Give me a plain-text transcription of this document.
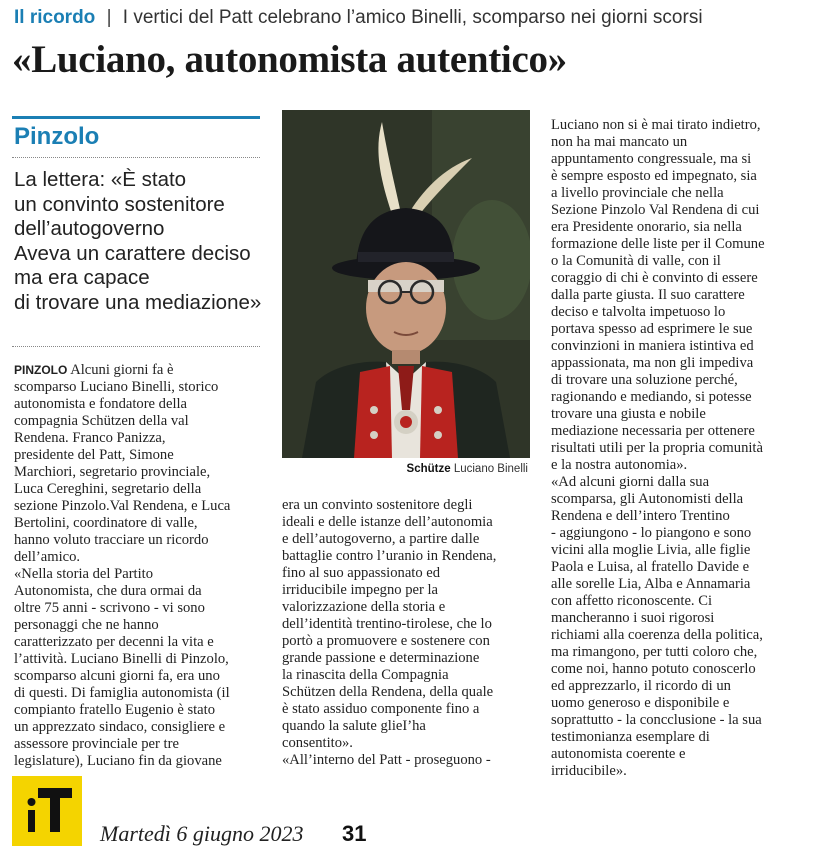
Il ricordo | I vertici del Patt celebrano l’amico Binelli, scomparso nei giorni scorsi
«Luciano, autonomista autentico»
Pinzolo
La lettera: «È stato
un convinto sostenitore
dell’autogoverno
Aveva un carattere deciso
ma era capace
di trovare una mediazione»
PINZOLO Alcuni giorni fa è
scomparso Luciano Binelli, storico
autonomista e fondatore della
compagnia Schützen della val
Rendena. Franco Panizza,
presidente del Patt, Simone
Marchiori, segretario provinciale,
Luca Cereghini, segretario della
sezione Pinzolo.Val Rendena, e Luca
Bertolini, coordinatore di valle,
hanno voluto tracciare un ricordo
dell’amico.
«Nella storia del Partito
Autonomista, che dura ormai da
oltre 75 anni - scrivono - vi sono
personaggi che ne hanno
caratterizzato per decenni la vita e
l’attività. Luciano Binelli di Pinzolo,
scomparso alcuni giorni fa, era uno
di questi. Di famiglia autonomista (il
compianto fratello Eugenio è stato
un apprezzato sindaco, consigliere e
assessore provinciale per tre
legislature), Luciano fin da giovane
Schütze Luciano Binelli
era un convinto sostenitore degli
ideali e delle istanze dell’autonomia
e dell’autogoverno, a partire dalle
battaglie contro l’uranio in Rendena,
fino al suo appassionato ed
irriducibile impegno per la
valorizzazione della storia e
dell’identità trentino-tirolese, che lo
portò a promuovere e sostenere con
grande passione e determinazione
la rinascita della Compagnia
Schützen della Rendena, della quale
è stato assiduo componente fino a
quando la salute glieI’ha
consentito».
«All’interno del Patt - proseguono -
Luciano non si è mai tirato indietro,
non ha mai mancato un
appuntamento congressuale, ma si
è sempre esposto ed impegnato, sia
a livello provinciale che nella
Sezione Pinzolo Val Rendena di cui
era Presidente onorario, sia nella
formazione delle liste per il Comune
o la Comunità di valle, con il
coraggio di chi è convinto di essere
dalla parte giusta. Il suo carattere
deciso e talvolta impetuoso lo
portava spesso ad esprimere le sue
convinzioni in maniera istintiva ed
appassionata, ma non gli impediva
di trovare una soluzione perché,
ragionando e mediando, si potesse
trovare una giusta e nobile
mediazione necessaria per ottenere
risultati utili per la propria comunità
e la nostra autonomia».
«Ad alcuni giorni dalla sua
scomparsa, gli Autonomisti della
Rendena e dell’intero Trentino
- aggiungono - lo piangono e sono
vicini alla moglie Livia, alle figlie
Paola e Luisa, al fratello Davide e
alle sorelle Lia, Alba e Annamaria
con affetto riconoscente. Ci
mancheranno i suoi rigorosi
richiami alla coerenza della politica,
ma rimangono, per tutti coloro che,
come noi, hanno potuto conoscerlo
ed apprezzarlo, il ricordo di un
uomo generoso e disponibile e
soprattutto - la concclusione - la sua
testimonianza esemplare di
autonomista coerente e
irriducibile».
Martedì 6 giugno 2023 31
